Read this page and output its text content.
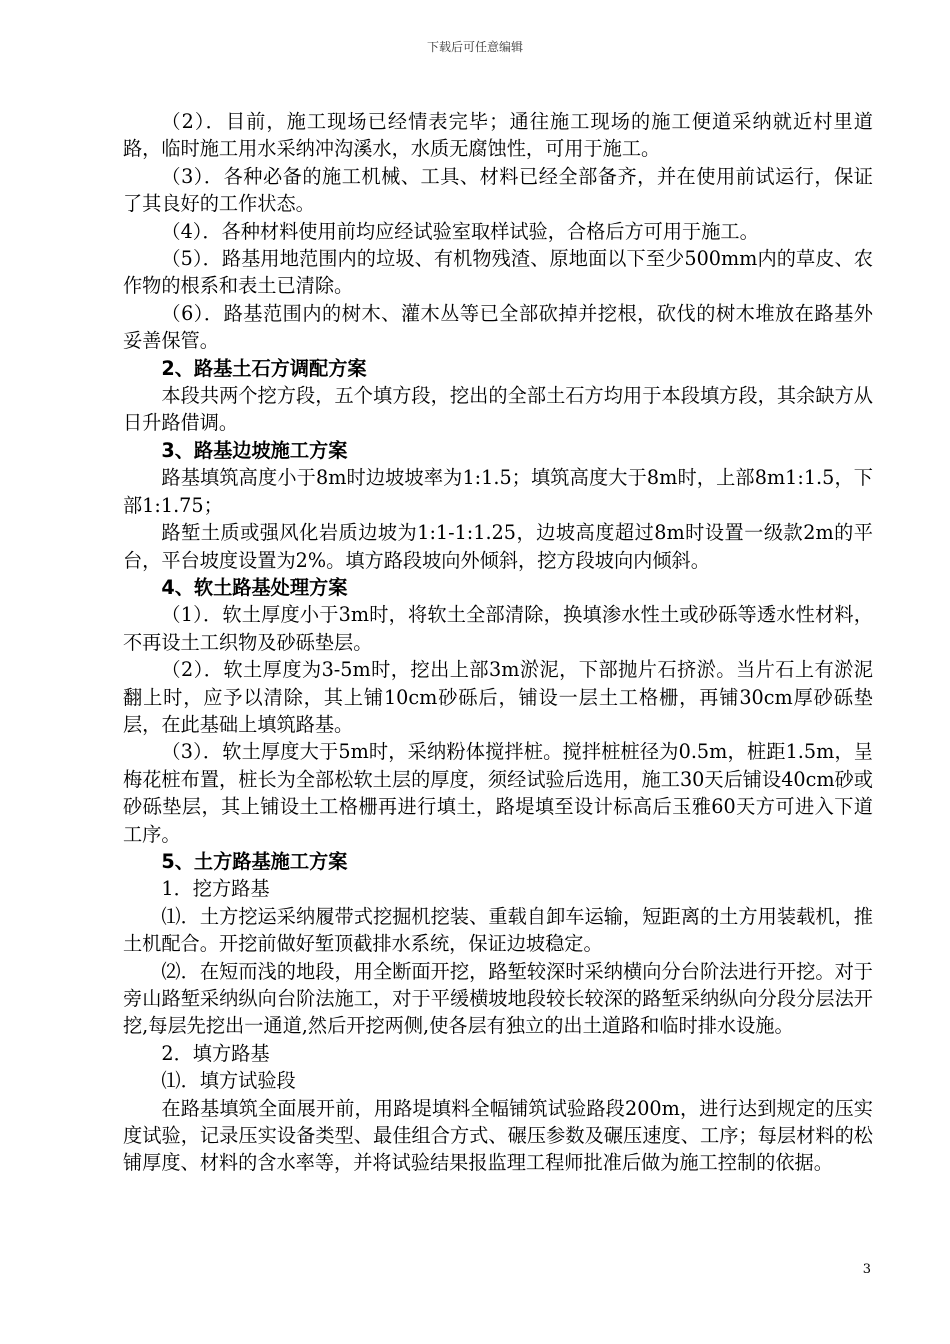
下载后可任意编辑

（2）．目前，施工现场已经情表完毕；通往施工现场的施工便道采纳就近村里道路，临时施工用水采纳冲沟溪水，水质无腐蚀性，可用于施工。

（3）．各种必备的施工机械、工具、材料已经全部备齐，并在使用前试运行，保证了其良好的工作状态。

（4）．各种材料使用前均应经试验室取样试验，合格后方可用于施工。

（5）．路基用地范围内的垃圾、有机物残渣、原地面以下至少500mm内的草皮、农作物的根系和表土已清除。

（6）．路基范围内的树木、灌木丛等已全部砍掉并挖根，砍伐的树木堆放在路基外妥善保管。

2、路基土石方调配方案

本段共两个挖方段，五个填方段，挖出的全部土石方均用于本段填方段，其余缺方从日升路借调。

3、路基边坡施工方案

路基填筑高度小于8m时边坡坡率为1:1.5；填筑高度大于8m时，上部8m1:1.5，下部1:1.75；

路堑土质或强风化岩质边坡为1:1-1:1.25，边坡高度超过8m时设置一级款2m的平台，平台坡度设置为2%。填方路段坡向外倾斜，挖方段坡向内倾斜。

4、软土路基处理方案

（1）．软土厚度小于3m时，将软土全部清除，换填渗水性土或砂砾等透水性材料，不再设土工织物及砂砾垫层。

（2）．软土厚度为3-5m时，挖出上部3m淤泥，下部抛片石挤淤。当片石上有淤泥翻上时，应予以清除，其上铺10cm砂砾后，铺设一层土工格栅，再铺30cm厚砂砾垫层，在此基础上填筑路基。

（3）．软土厚度大于5m时，采纳粉体搅拌桩。搅拌桩桩径为0.5m，桩距1.5m，呈梅花桩布置，桩长为全部松软土层的厚度，须经试验后选用，施工30天后铺设40cm砂或砂砾垫层，其上铺设土工格栅再进行填土，路堤填至设计标高后玉雅60天方可进入下道工序。

5、土方路基施工方案

1．挖方路基

⑴．土方挖运采纳履带式挖掘机挖装、重载自卸车运输，短距离的土方用装载机，推土机配合。开挖前做好堑顶截排水系统，保证边坡稳定。

⑵．在短而浅的地段，用全断面开挖，路堑较深时采纳横向分台阶法进行开挖。对于旁山路堑采纳纵向台阶法施工，对于平缓横坡地段较长较深的路堑采纳纵向分段分层法开挖,每层先挖出一通道,然后开挖两侧,使各层有独立的出土道路和临时排水设施。

2．填方路基

⑴．填方试验段

在路基填筑全面展开前，用路堤填料全幅铺筑试验路段200m，进行达到规定的压实度试验，记录压实设备类型、最佳组合方式、碾压参数及碾压速度、工序；每层材料的松铺厚度、材料的含水率等，并将试验结果报监理工程师批准后做为施工控制的依据。

3
